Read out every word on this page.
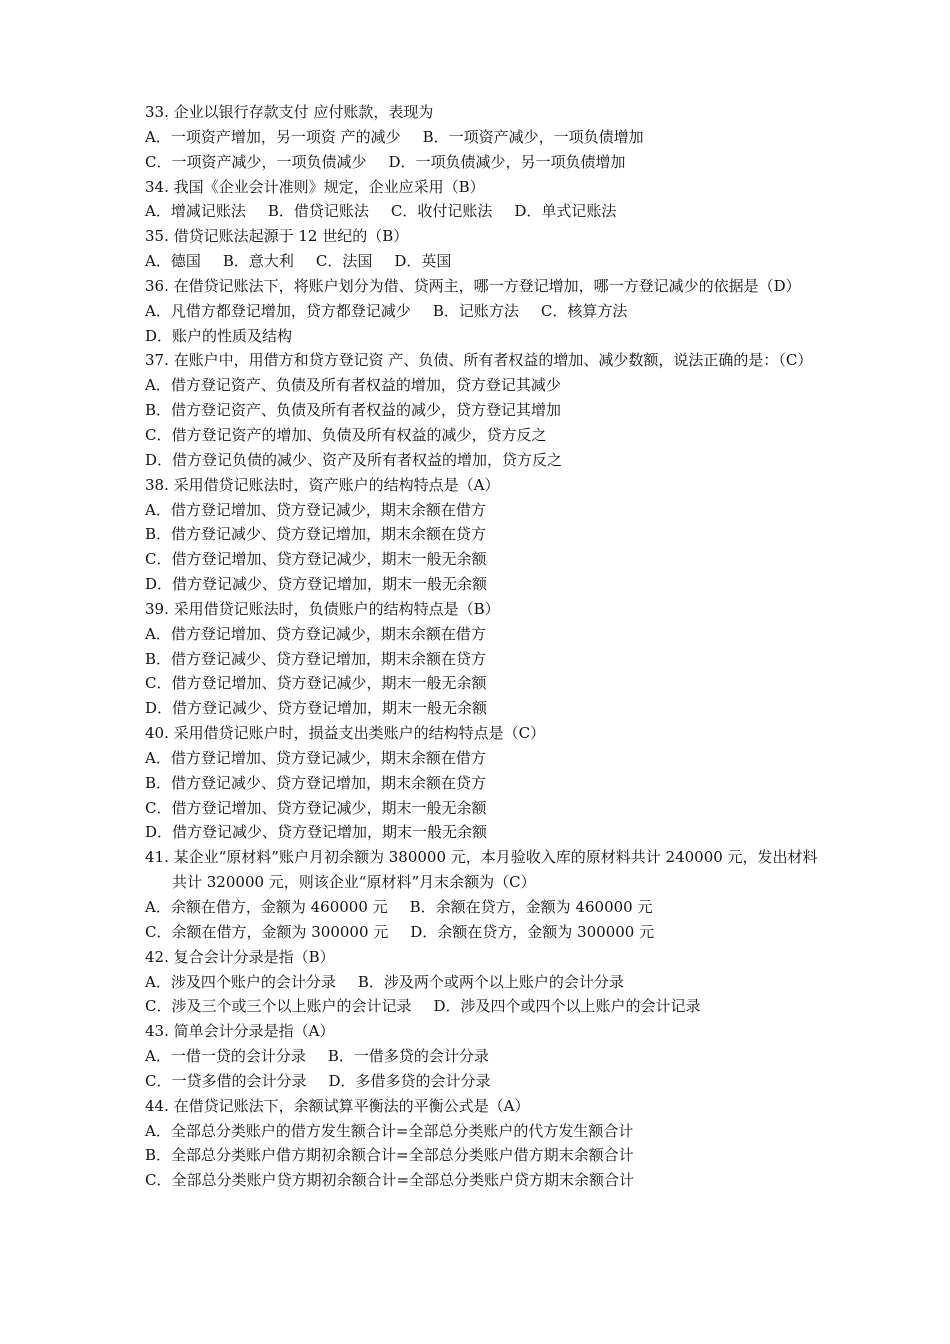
33. 企业以银行存款支付 应付账款，表现为
A．一项资产增加，另一项资 产的减少 B．一项资产减少，一项负债增加
C．一项资产减少，一项负债减少 D．一项负债减少，另一项负债增加
34. 我国《企业会计准则》规定，企业应采用（B）
A．增减记账法 B．借贷记账法 C．收付记账法 D．单式记账法
35. 借贷记账法起源于 12 世纪的（B）
A．德国 B．意大利 C．法国 D．英国
36. 在借贷记账法下，将账户划分为借、贷两主，哪一方登记增加，哪一方登记减少的依据是（D）
A．凡借方都登记增加，贷方都登记减少 B．记账方法 C．核算方法
D．账户的性质及结构
37. 在账户中，用借方和贷方登记资 产、负债、所有者权益的增加、减少数额，说法正确的是：（C）
A．借方登记资产、负债及所有者权益的增加，贷方登记其减少
B．借方登记资产、负债及所有者权益的减少，贷方登记其增加
C．借方登记资产的增加、负债及所有权益的减少，贷方反之
D．借方登记负债的减少、资产及所有者权益的增加，贷方反之
38. 采用借贷记账法时，资产账户的结构特点是（A）
A．借方登记增加、贷方登记减少，期末余额在借方
B．借方登记减少、贷方登记增加，期末余额在贷方
C．借方登记增加、贷方登记减少，期末一般无余额
D．借方登记减少、贷方登记增加，期末一般无余额
39. 采用借贷记账法时，负债账户的结构特点是（B）
A．借方登记增加、贷方登记减少，期末余额在借方
B．借方登记减少、贷方登记增加，期末余额在贷方
C．借方登记增加、贷方登记减少，期末一般无余额
D．借方登记减少、贷方登记增加，期末一般无余额
40. 采用借贷记账户时，损益支出类账户的结构特点是（C）
A．借方登记增加、贷方登记减少，期末余额在借方
B．借方登记减少、贷方登记增加，期末余额在贷方
C．借方登记增加、贷方登记减少，期末一般无余额
D．借方登记减少、贷方登记增加，期末一般无余额
41. 某企业“原材料”账户月初余额为 380000 元，本月验收入库的原材料共计 240000 元，发出材料共计 320000 元，则该企业“原材料”月末余额为（C）
A．余额在借方，金额为 460000 元 B．余额在贷方，金额为 460000 元
C．余额在借方，金额为 300000 元 D．余额在贷方，金额为 300000 元
42. 复合会计分录是指（B）
A．涉及四个账户的会计分录 B．涉及两个或两个以上账户的会计分录
C．涉及三个或三个以上账户的会计记录 D．涉及四个或四个以上账户的会计记录
43. 简单会计分录是指（A）
A．一借一贷的会计分录 B．一借多贷的会计分录
C．一贷多借的会计分录 D．多借多贷的会计分录
44. 在借贷记账法下，余额试算平衡法的平衡公式是（A）
A．全部总分类账户的借方发生额合计=全部总分类账户的代方发生额合计
B．全部总分类账户借方期初余额合计=全部总分类账户借方期末余额合计
C．全部总分类账户贷方期初余额合计=全部总分类账户贷方期末余额合计
